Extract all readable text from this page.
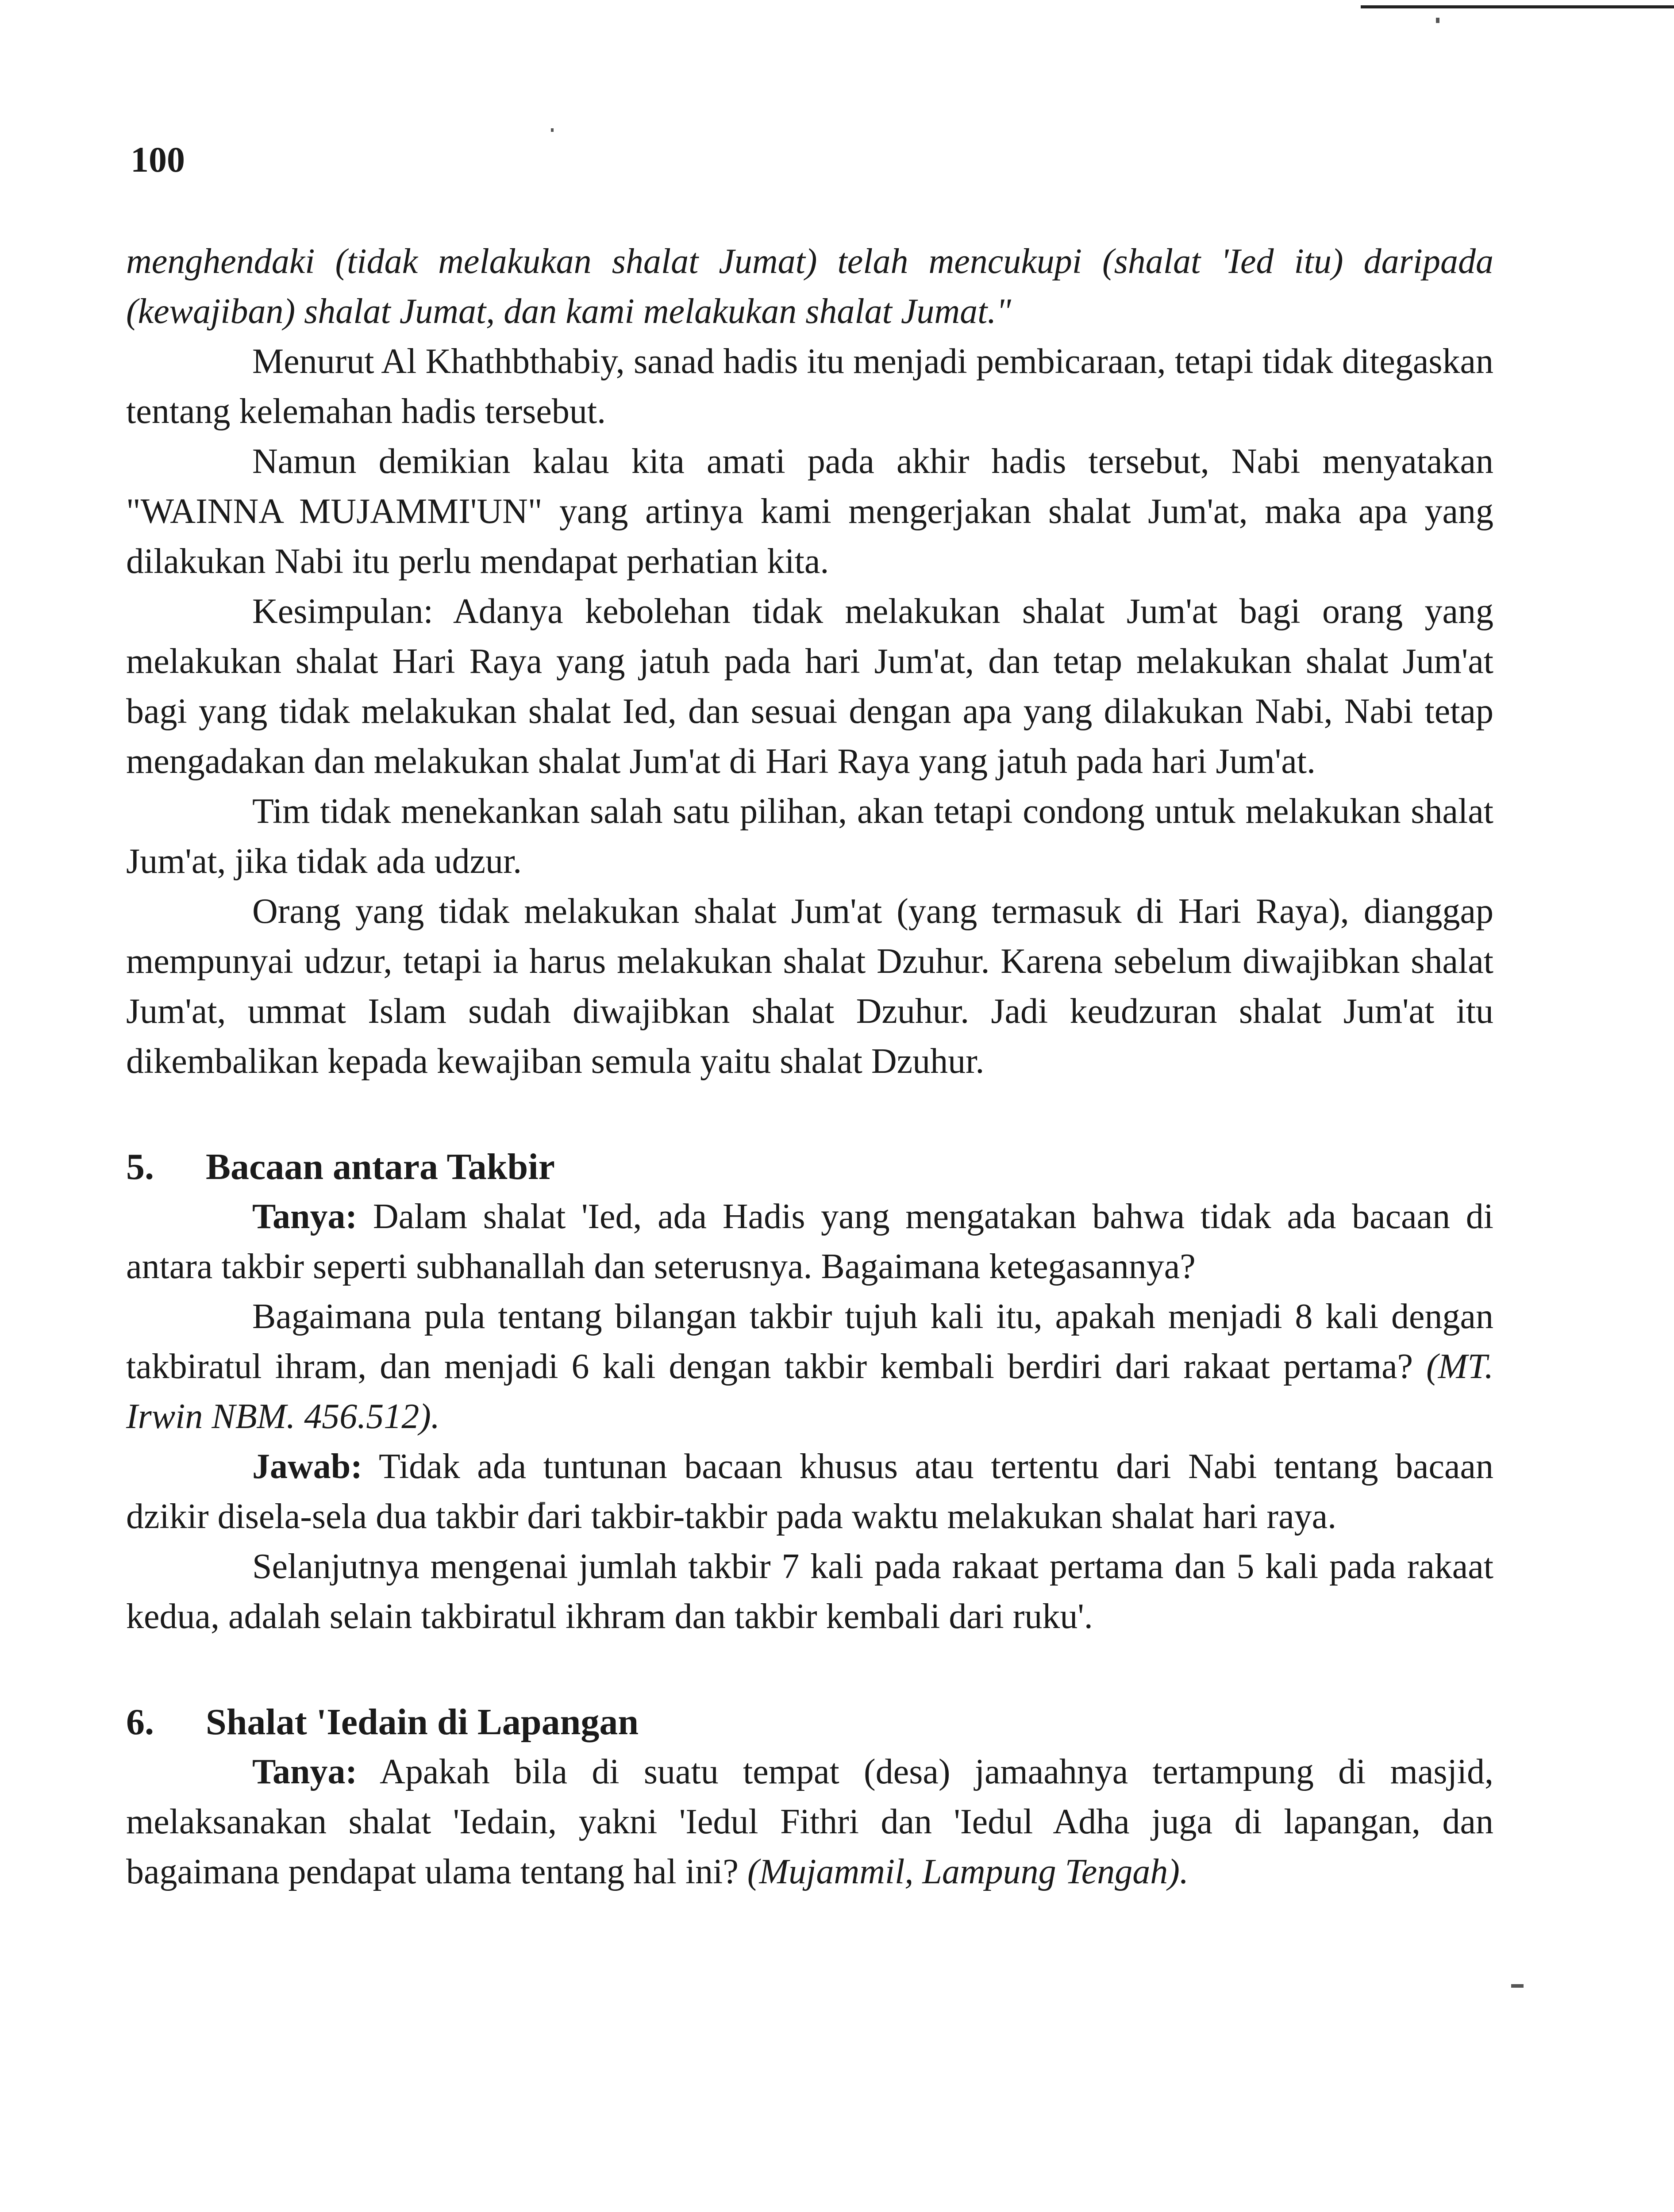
100

menghendaki (tidak melakukan shalat Jumat) telah mencukupi (shalat 'Ied itu) daripada (kewajiban) shalat Jumat, dan kami melakukan shalat Jumat."

Menurut Al Khathbthabiy, sanad hadis itu menjadi pembicaraan, tetapi tidak ditegaskan tentang kelemahan hadis tersebut.

Namun demikian kalau kita amati pada akhir hadis tersebut, Nabi menyatakan "WAINNA MUJAMMI'UN" yang artinya kami mengerjakan shalat Jum'at, maka apa yang dilakukan Nabi itu perlu mendapat perhatian kita.

Kesimpulan: Adanya kebolehan tidak melakukan shalat Jum'at bagi orang yang melakukan shalat Hari Raya yang jatuh pada hari Jum'at, dan tetap melakukan shalat Jum'at bagi yang tidak melakukan shalat Ied, dan sesuai dengan apa yang dilakukan Nabi, Nabi tetap mengadakan dan melakukan shalat Jum'at di Hari Raya yang jatuh pada hari Jum'at.

Tim tidak menekankan salah satu pilihan, akan tetapi condong untuk melakukan shalat Jum'at, jika tidak ada udzur.

Orang yang tidak melakukan shalat Jum'at (yang termasuk di Hari Raya), dianggap mempunyai udzur, tetapi ia harus melakukan shalat Dzuhur. Karena sebelum diwajibkan shalat Jum'at, ummat Islam sudah diwajibkan shalat Dzuhur. Jadi keudzuran shalat Jum'at itu dikembalikan kepada kewajiban semula yaitu shalat Dzuhur.

5.	Bacaan antara Takbir

Tanya: Dalam shalat 'Ied, ada Hadis yang mengatakan bahwa tidak ada bacaan di antara takbir seperti subhanallah dan seterusnya. Bagaimana ketegasannya?

Bagaimana pula tentang bilangan takbir tujuh kali itu, apakah menjadi 8 kali dengan takbiratul ihram, dan menjadi 6 kali dengan takbir kembali berdiri dari rakaat pertama? (MT. Irwin NBM. 456.512).

Jawab: Tidak ada tuntunan bacaan khusus atau tertentu dari Nabi tentang bacaan dzikir disela-sela dua takbir dari takbir-takbir pada waktu melakukan shalat hari raya.

Selanjutnya mengenai jumlah takbir 7 kali pada rakaat pertama dan 5 kali pada rakaat kedua, adalah selain takbiratul ikhram dan takbir kembali dari ruku'.

6.	Shalat 'Iedain di Lapangan

Tanya: Apakah bila di suatu tempat (desa) jamaahnya tertampung di masjid, melaksanakan shalat 'Iedain, yakni 'Iedul Fithri dan 'Iedul Adha juga di lapangan, dan bagaimana pendapat ulama tentang hal ini? (Mujammil, Lampung Tengah).
